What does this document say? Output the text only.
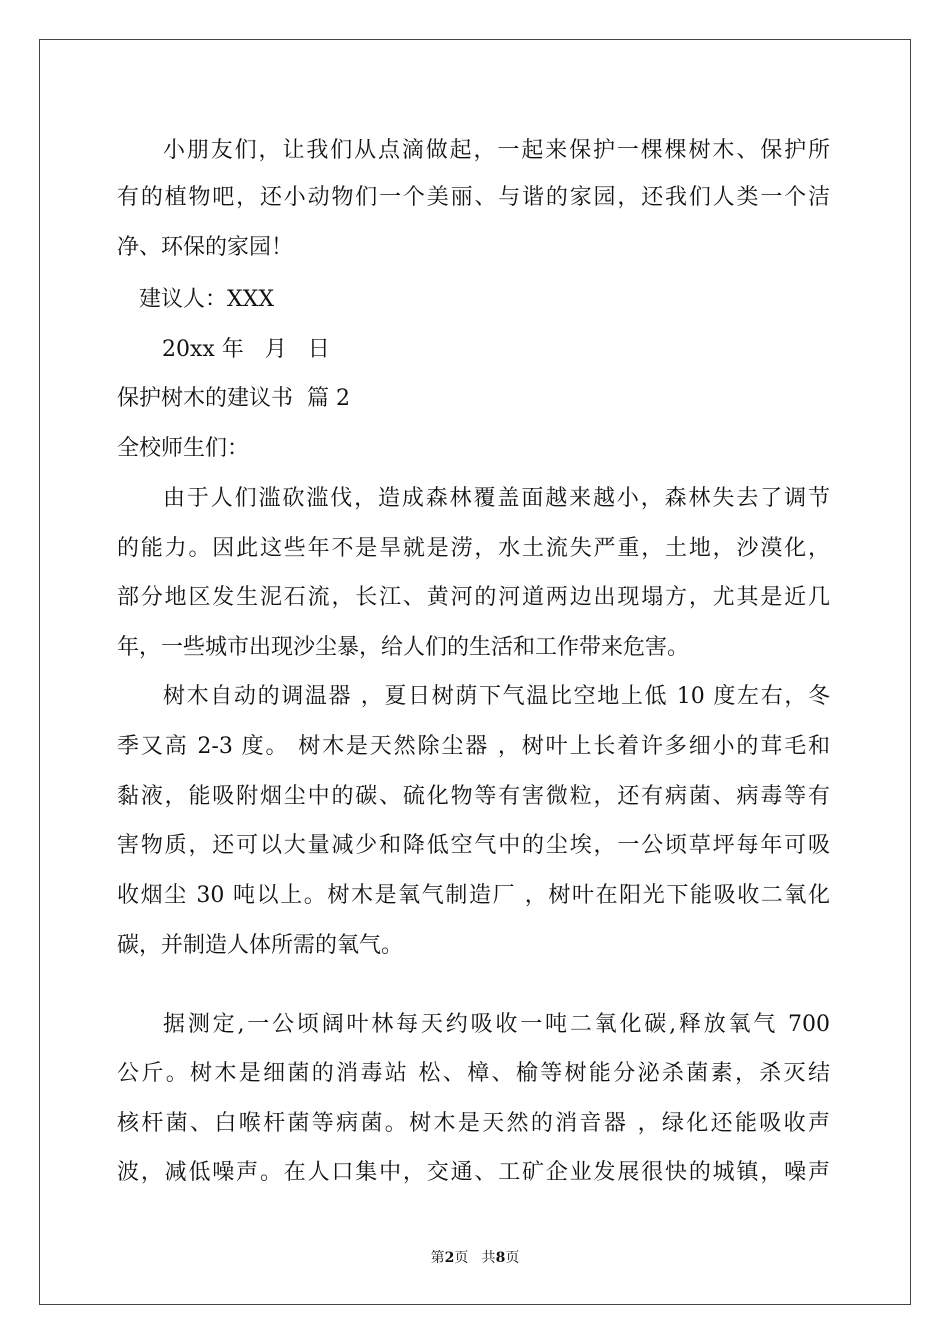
小朋友们，让我们从点滴做起，一起来保护一棵棵树木、保护所
有的植物吧，还小动物们一个美丽、与谐的家园，还我们人类一个洁
净、环保的家园！
建议人：XXX
20xx 年   月   日
保护树木的建议书  篇 2
全校师生们：
由于人们滥砍滥伐，造成森林覆盖面越来越小，森林失去了调节
的能力。因此这些年不是旱就是涝，水土流失严重，土地，沙漠化，
部分地区发生泥石流，长江、黄河的河道两边出现塌方，尤其是近几
年，一些城市出现沙尘暴，给人们的生活和工作带来危害。
树木自动的调温器 ，夏日树荫下气温比空地上低 10 度左右，冬
季又高 2-3 度。 树木是天然除尘器 ，树叶上长着许多细小的茸毛和
黏液，能吸附烟尘中的碳、硫化物等有害微粒，还有病菌、病毒等有
害物质，还可以大量减少和降低空气中的尘埃，一公顷草坪每年可吸
收烟尘 30 吨以上。树木是氧气制造厂 ，树叶在阳光下能吸收二氧化
碳，并制造人体所需的氧气。
据测定,一公顷阔叶林每天约吸收一吨二氧化碳,释放氧气 700
公斤。树木是细菌的消毒站 松、樟、榆等树能分泌杀菌素，杀灭结
核杆菌、白喉杆菌等病菌。树木是天然的消音器 ，绿化还能吸收声
波，减低噪声。在人口集中，交通、工矿企业发展很快的城镇，噪声
第2页   共8页
